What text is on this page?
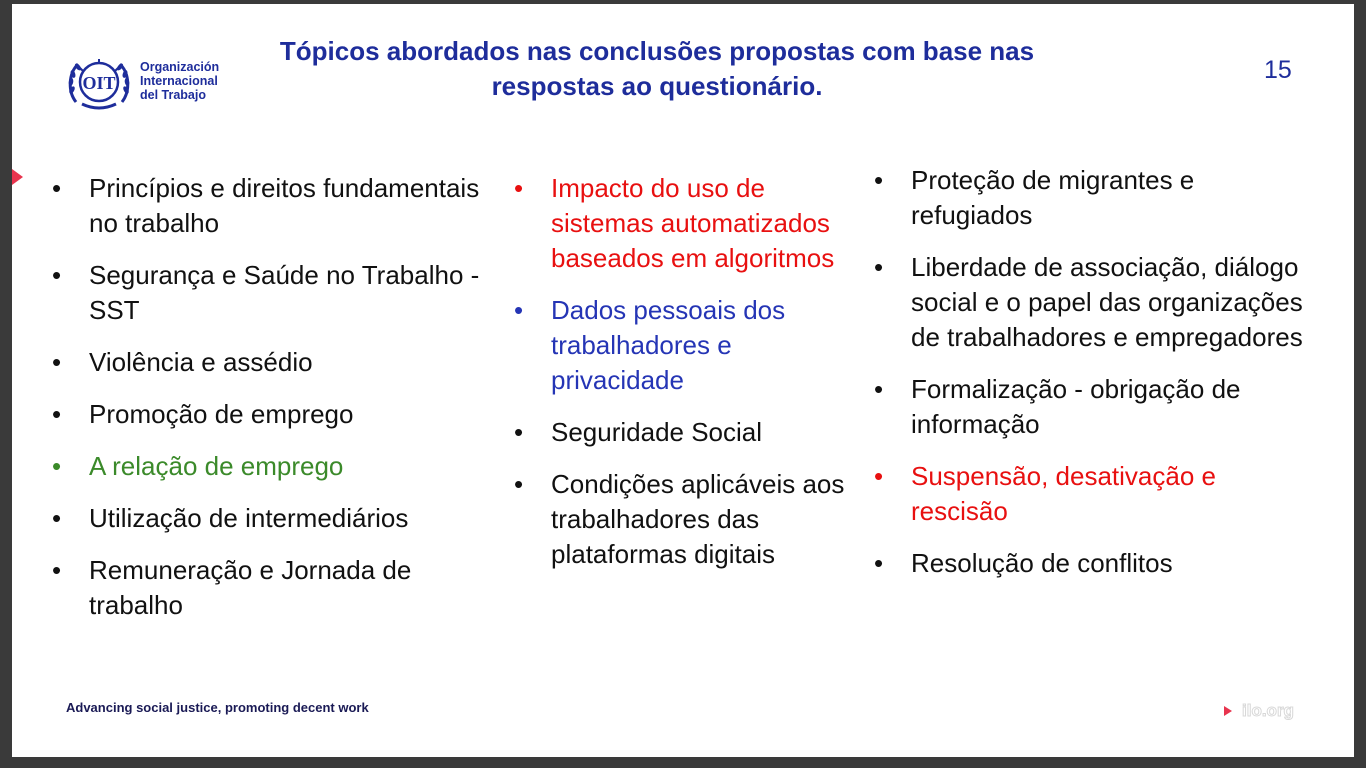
OIT
Organización
Internacional
del Trabajo
Tópicos abordados nas conclusões propostas com base nas
respostas ao questionário.
15
• Princípios e direitos fundamentais no trabalho
• Segurança e Saúde no Trabalho - SST
• Violência e assédio
• Promoção de emprego
• A relação de emprego
• Utilização de intermediários
• Remuneração e Jornada de trabalho
• Impacto do uso de sistemas automatizados baseados em algoritmos
• Dados pessoais dos trabalhadores e privacidade
• Seguridade Social
• Condições aplicáveis aos trabalhadores das plataformas digitais
• Proteção de migrantes e refugiados
• Liberdade de associação, diálogo social e o papel das organizações de trabalhadores e empregadores
• Formalização - obrigação de informação
• Suspensão, desativação e rescisão
• Resolução de conflitos
Advancing social justice, promoting decent work	ilo.org
